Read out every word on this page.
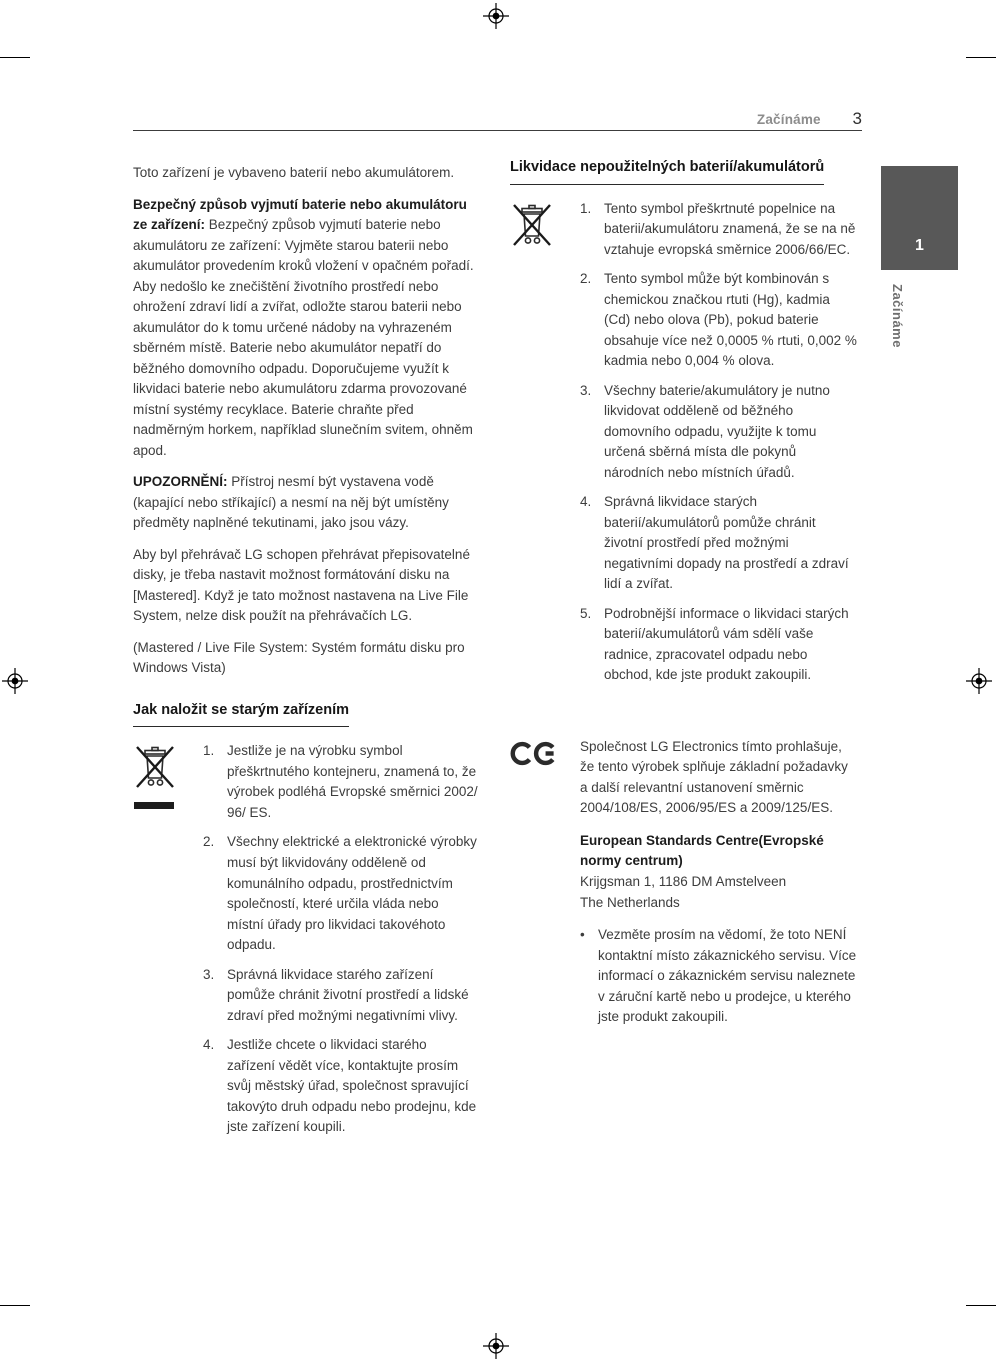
Začínáme 3
1
Začínáme

Toto zařízení je vybaveno baterií nebo akumulátorem.

Bezpečný způsob vyjmutí baterie nebo akumulátoru ze zařízení: Bezpečný způsob vyjmutí baterie nebo akumulátoru ze zařízení: Vyjměte starou baterii nebo akumulátor provedením kroků vložení v opačném pořadí. Aby nedošlo ke znečištění životního prostředí nebo ohrožení zdraví lidí a zvířat, odložte starou baterii nebo akumulátor do k tomu určené nádoby na vyhrazeném sběrném místě. Baterie nebo akumulátor nepatří do běžného domovního odpadu. Doporučujeme využít k likvidaci baterie nebo akumulátoru zdarma provozované místní systémy recyklace. Baterie chraňte před nadměrným horkem, například slunečním svitem, ohněm apod.

UPOZORNĚNÍ: Přístroj nesmí být vystavena vodě (kapající nebo stříkající) a nesmí na něj být umístěny předměty naplněné tekutinami, jako jsou vázy.

Aby byl přehrávač LG schopen přehrávat přepisovatelné disky, je třeba nastavit možnost formátování disku na [Mastered]. Když je tato možnost nastavena na Live File System, nelze disk použít na přehrávačích LG.

(Mastered / Live File System: Systém formátu disku pro Windows Vista)

Jak naložit se starým zařízením
1. Jestliže je na výrobku symbol přeškrtnutého kontejneru, znamená to, že výrobek podléhá Evropské směrnici 2002/ 96/ ES.
2. Všechny elektrické a elektronické výrobky musí být likvidovány odděleně od komunálního odpadu, prostřednictvím společností, které určila vláda nebo místní úřady pro likvidaci takovéhoto odpadu.
3. Správná likvidace starého zařízení pomůže chránit životní prostředí a lidské zdraví před možnými negativními vlivy.
4. Jestliže chcete o likvidaci starého zařízení vědět více, kontaktujte prosím svůj městský úřad, společnost spravující takovýto druh odpadu nebo prodejnu, kde jste zařízení koupili.
Likvidace nepoužitelných baterií/akumulátorů
1. Tento symbol přeškrtnuté popelnice na baterii/akumulátoru znamená, že se na ně vztahuje evropská směrnice 2006/66/EC.
2. Tento symbol může být kombinován s chemickou značkou rtuti (Hg), kadmia (Cd) nebo olova (Pb), pokud baterie obsahuje více než 0,0005 % rtuti, 0,002 % kadmia nebo 0,004 % olova.
3. Všechny baterie/akumulátory je nutno likvidovat odděleně od běžného domovního odpadu, využijte k tomu určená sběrná místa dle pokynů národních nebo místních úřadů.
4. Správná likvidace starých baterií/akumulátorů pomůže chránit životní prostředí před možnými negativními dopady na prostředí a zdraví lidí a zvířat.
5. Podrobnější informace o likvidaci starých baterií/akumulátorů vám sdělí vaše radnice, zpracovatel odpadu nebo obchod, kde jste produkt zakoupili.

Společnost LG Electronics tímto prohlašuje, že tento výrobek splňuje základní požadavky a další relevantní ustanovení směrnic 2004/108/ES, 2006/95/ES a 2009/125/ES.

European Standards Centre(Evropské normy centrum)

Krijgsman 1, 1186 DM Amstelveen

The Netherlands

• Vezměte prosím na vědomí, že toto NENÍ kontaktní místo zákaznického servisu. Více informací o zákaznickém servisu naleznete v záruční kartě nebo u prodejce, u kterého jste produkt zakoupili.
